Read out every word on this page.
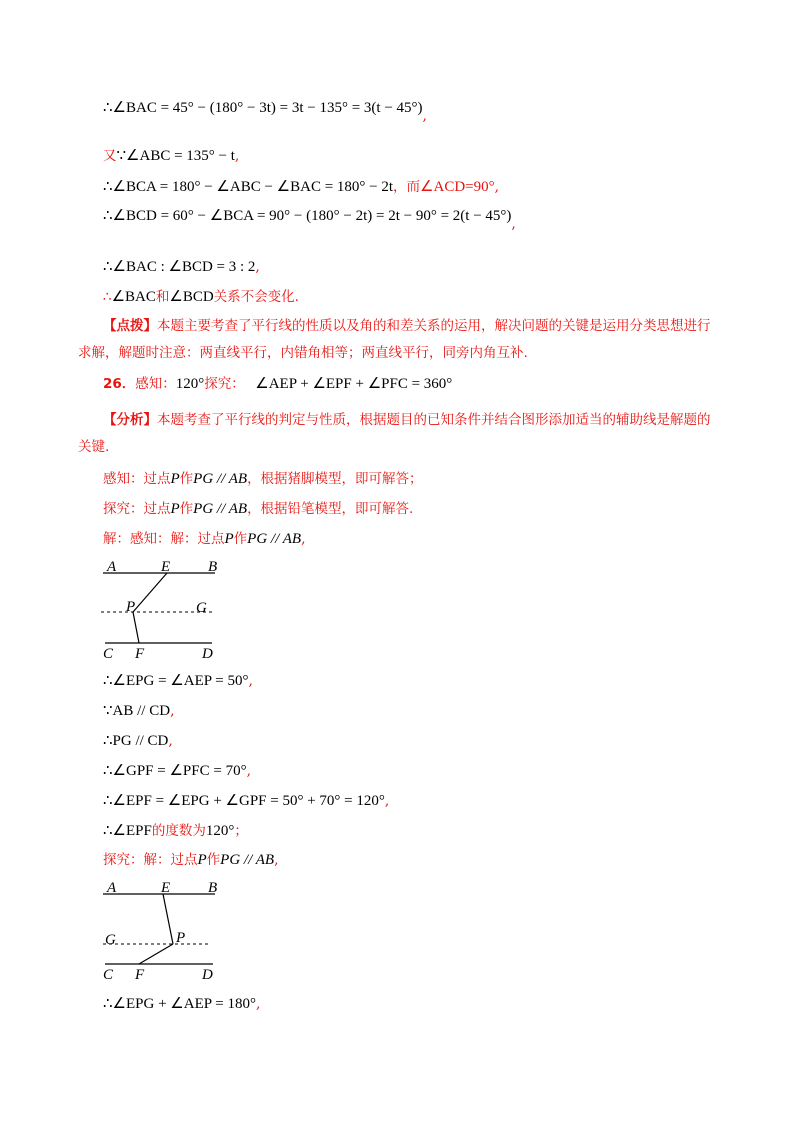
∴∠BAC = 45° − (180° − 3t) = 3t − 135° = 3(t − 45°),
又∵∠ABC = 135° − t,
∴∠BCA = 180° − ∠ABC − ∠BAC = 180° − 2t，而∠ACD=90°,
∴∠BCD = 60° − ∠BCA = 90° − (180° − 2t) = 2t − 90° = 2(t − 45°),
∴∠BAC : ∠BCD = 3 : 2,
∴∠BAC和∠BCD关系不会变化.
【点拨】本题主要考查了平行线的性质以及角的和差关系的运用，解决问题的关键是运用分类思想进行求解，解题时注意：两直线平行，内错角相等；两直线平行，同旁内角互补.
26．感知：120°探究： ∠AEP + ∠EPF + ∠PFC = 360°
【分析】本题考查了平行线的判定与性质，根据题目的已知条件并结合图形添加适当的辅助线是解题的关键.
感知：过点P作PG // AB，根据猪脚模型，即可解答；
探究：过点P作PG // AB，根据铅笔模型，即可解答.
解：感知：解：过点P作PG // AB,
A	E	B
P	G
C F	D
∴∠EPG = ∠AEP = 50°,
∵AB // CD,
∴PG // CD,
∴∠GPF = ∠PFC = 70°,
∴∠EPF = ∠EPG + ∠GPF = 50° + 70° = 120°,
∴∠EPF的度数为120°；
探究：解：过点P作PG // AB,
A	E	B
G	P
C F	D
∴∠EPG + ∠AEP = 180°,
